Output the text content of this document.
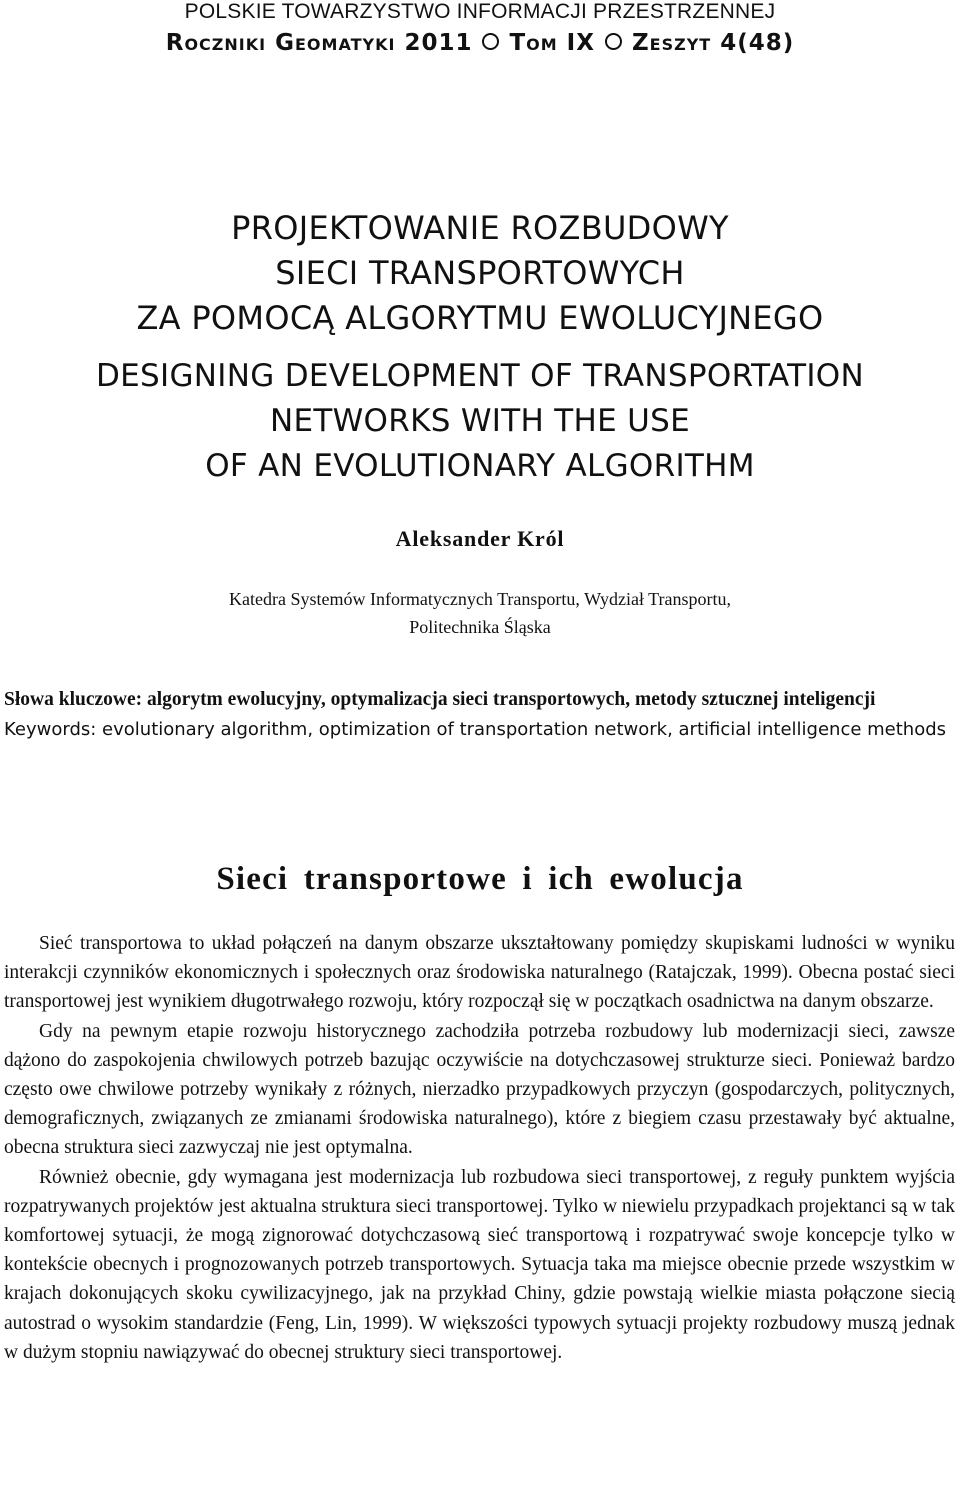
POLSKIE TOWARZYSTWO INFORMACJI PRZESTRZENNEJ
Roczniki Geomatyki 2011 Tom IX Zeszyt 4(48)
PROJEKTOWANIE ROZBUDOWY
SIECI TRANSPORTOWYCH
ZA POMOCĄ ALGORYTMU EWOLUCYJNEGO
DESIGNING DEVELOPMENT OF TRANSPORTATION
NETWORKS WITH THE USE
OF AN EVOLUTIONARY ALGORITHM
Aleksander Król
Katedra Systemów Informatycznych Transportu, Wydział Transportu,
Politechnika Śląska

Słowa kluczowe: algorytm ewolucyjny, optymalizacja sieci transportowych, metody sztucznej inteligencji

Keywords: evolutionary algorithm, optimization of transportation network, artificial intelligence methods

Sieci transportowe i ich ewolucja

Sieć transportowa to układ połączeń na danym obszarze ukształtowany pomiędzy skupiskami ludności w wyniku interakcji czynników ekonomicznych i społecznych oraz środowiska naturalnego (Ratajczak, 1999). Obecna postać sieci transportowej jest wynikiem długotrwałego rozwoju, który rozpoczął się w początkach osadnictwa na danym obszarze.

Gdy na pewnym etapie rozwoju historycznego zachodziła potrzeba rozbudowy lub modernizacji sieci, zawsze dążono do zaspokojenia chwilowych potrzeb bazując oczywiście na dotychczasowej strukturze sieci. Ponieważ bardzo często owe chwilowe potrzeby wynikały z różnych, nierzadko przypadkowych przyczyn (gospodarczych, politycznych, demograficznych, związanych ze zmianami środowiska naturalnego), które z biegiem czasu przestawały być aktualne, obecna struktura sieci zazwyczaj nie jest optymalna.

Również obecnie, gdy wymagana jest modernizacja lub rozbudowa sieci transportowej, z reguły punktem wyjścia rozpatrywanych projektów jest aktualna struktura sieci transportowej. Tylko w niewielu przypadkach projektanci są w tak komfortowej sytuacji, że mogą zignorować dotychczasową sieć transportową i rozpatrywać swoje koncepcje tylko w kontekście obecnych i prognozowanych potrzeb transportowych. Sytuacja taka ma miejsce obecnie przede wszystkim w krajach dokonujących skoku cywilizacyjnego, jak na przykład Chiny, gdzie powstają wielkie miasta połączone siecią autostrad o wysokim standardzie (Feng, Lin, 1999). W większości typowych sytuacji projekty rozbudowy muszą jednak w dużym stopniu nawiązywać do obecnej struktury sieci transportowej.
